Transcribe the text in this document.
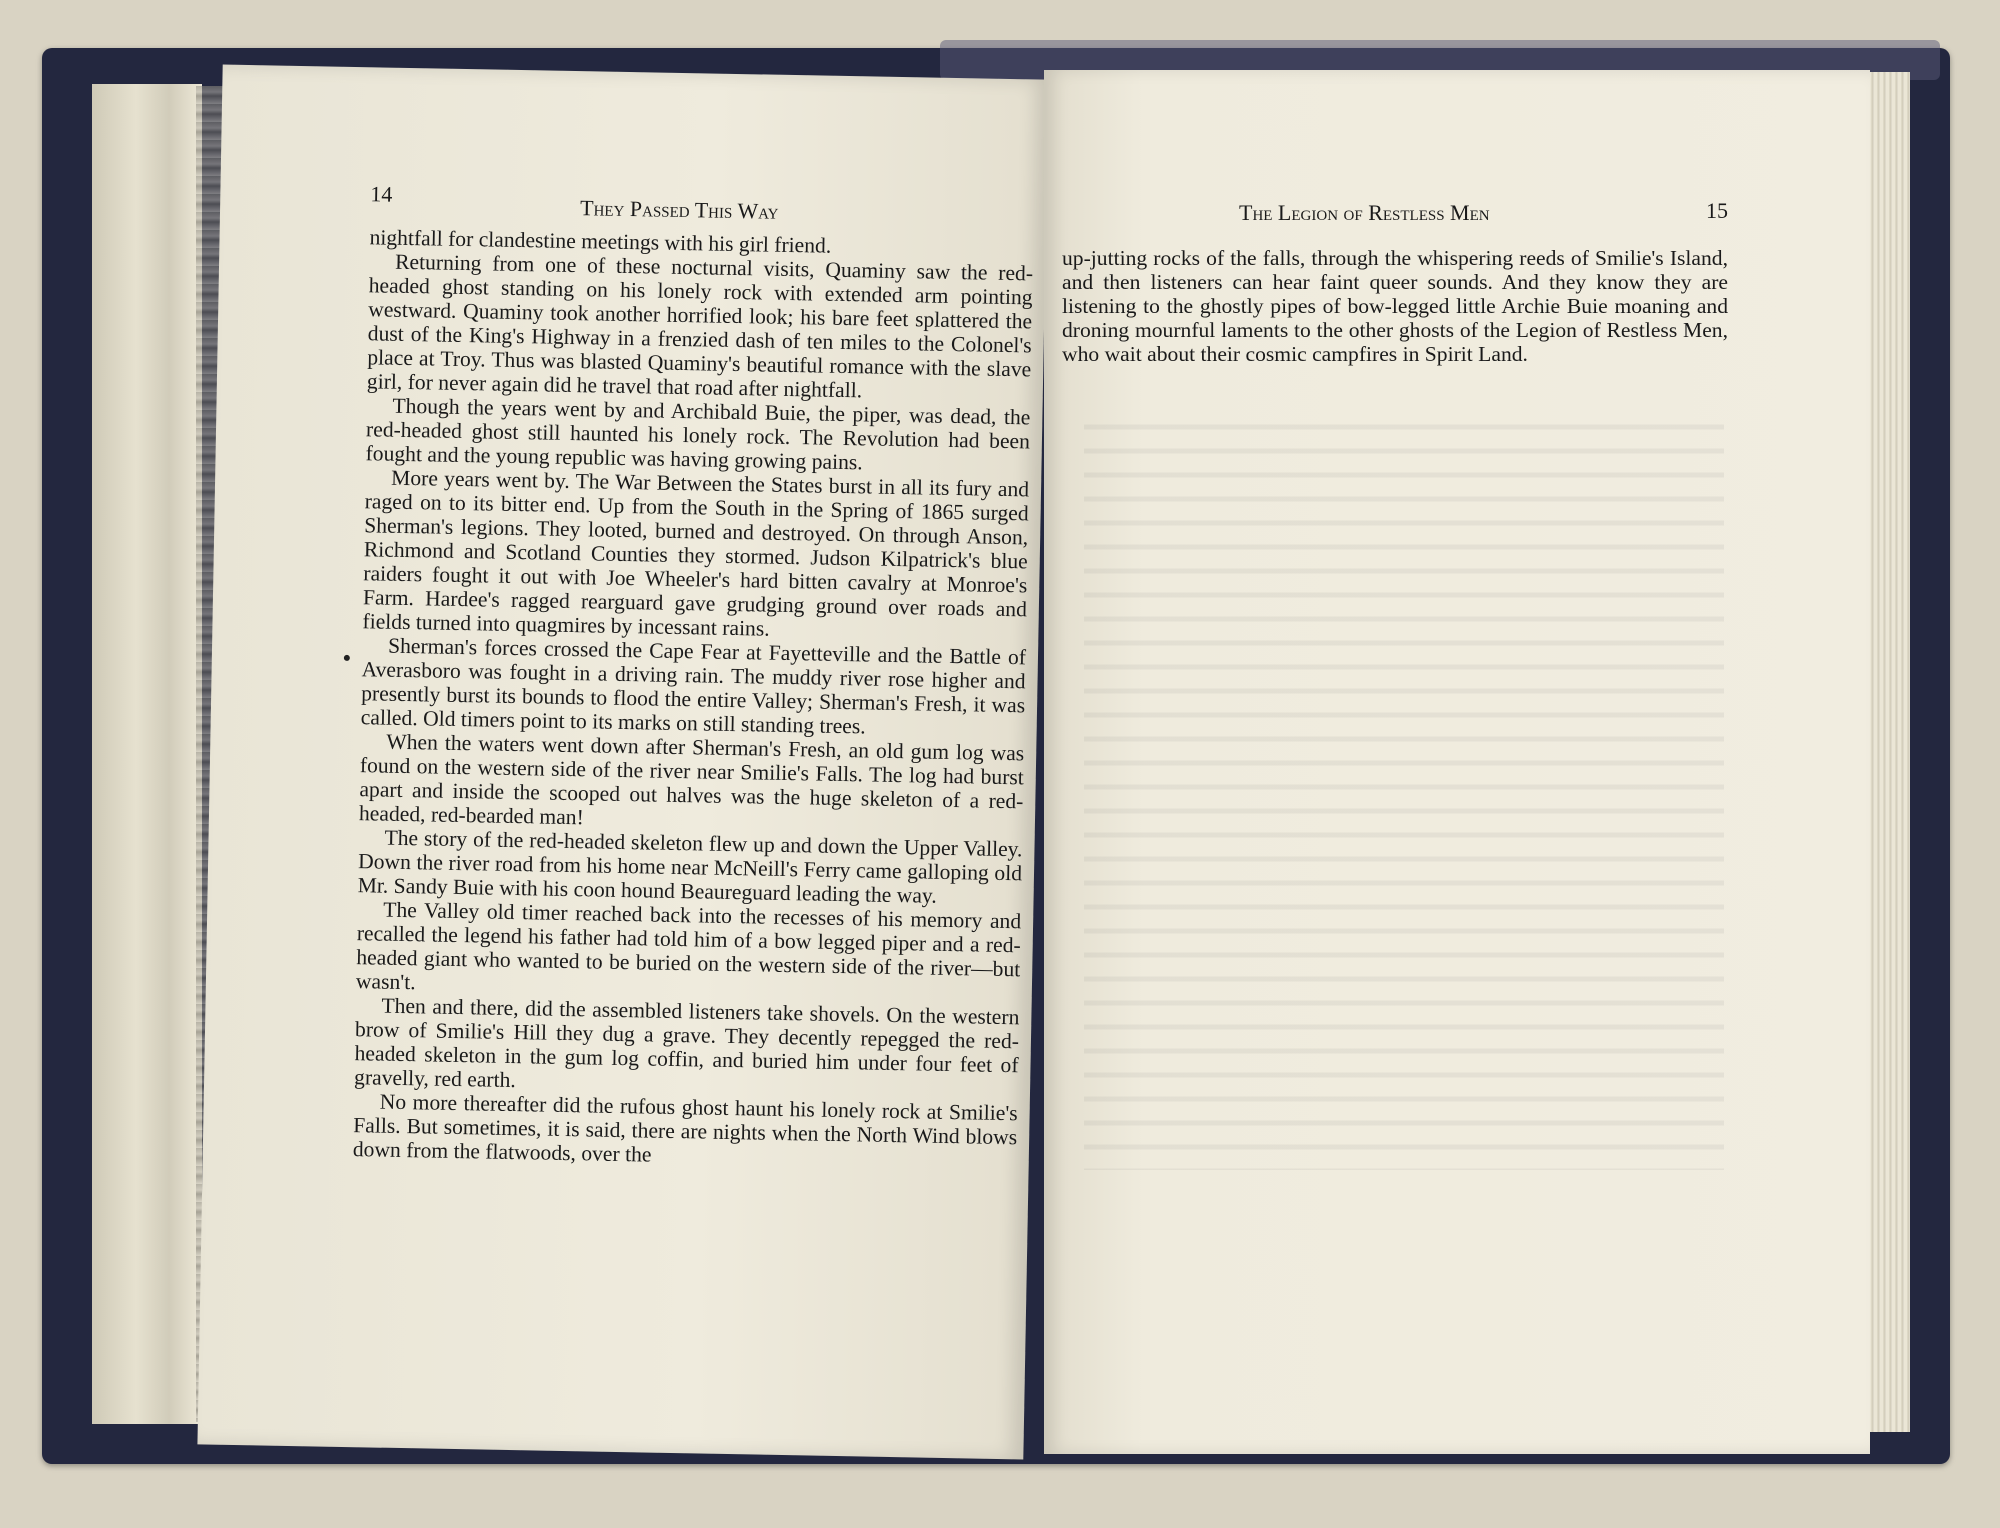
14
They Passed This Way

nightfall for clandestine meetings with his girl friend.

Returning from one of these nocturnal visits, Quaminy saw the red-headed ghost standing on his lonely rock with extended arm pointing westward. Quaminy took another horrified look; his bare feet splattered the dust of the King's Highway in a frenzied dash of ten miles to the Colonel's place at Troy. Thus was blasted Quaminy's beautiful romance with the slave girl, for never again did he travel that road after nightfall.

Though the years went by and Archibald Buie, the piper, was dead, the red-headed ghost still haunted his lonely rock. The Revolution had been fought and the young republic was having growing pains.

More years went by. The War Between the States burst in all its fury and raged on to its bitter end. Up from the South in the Spring of 1865 surged Sherman's legions. They looted, burned and destroyed. On through Anson, Richmond and Scotland Counties they stormed. Judson Kilpatrick's blue raiders fought it out with Joe Wheeler's hard bitten cavalry at Monroe's Farm. Hardee's ragged rearguard gave grudging ground over roads and fields turned into quagmires by incessant rains.

Sherman's forces crossed the Cape Fear at Fayetteville and the Battle of Averasboro was fought in a driving rain. The muddy river rose higher and presently burst its bounds to flood the entire Valley; Sherman's Fresh, it was called. Old timers point to its marks on still standing trees.

When the waters went down after Sherman's Fresh, an old gum log was found on the western side of the river near Smilie's Falls. The log had burst apart and inside the scooped out halves was the huge skeleton of a red-headed, red-bearded man!

The story of the red-headed skeleton flew up and down the Upper Valley. Down the river road from his home near McNeill's Ferry came galloping old Mr. Sandy Buie with his coon hound Beaureguard leading the way.

The Valley old timer reached back into the recesses of his memory and recalled the legend his father had told him of a bow legged piper and a red-headed giant who wanted to be buried on the western side of the river—but wasn't.

Then and there, did the assembled listeners take shovels. On the western brow of Smilie's Hill they dug a grave. They decently repegged the red-headed skeleton in the gum log coffin, and buried him under four feet of gravelly, red earth.

No more thereafter did the rufous ghost haunt his lonely rock at Smilie's Falls. But sometimes, it is said, there are nights when the North Wind blows down from the flatwoods, over the

The Legion of Restless Men	15

up-jutting rocks of the falls, through the whispering reeds of Smilie's Island, and then listeners can hear faint queer sounds. And they know they are listening to the ghostly pipes of bow-legged little Archie Buie moaning and droning mournful laments to the other ghosts of the Legion of Restless Men, who wait about their cosmic campfires in Spirit Land.
